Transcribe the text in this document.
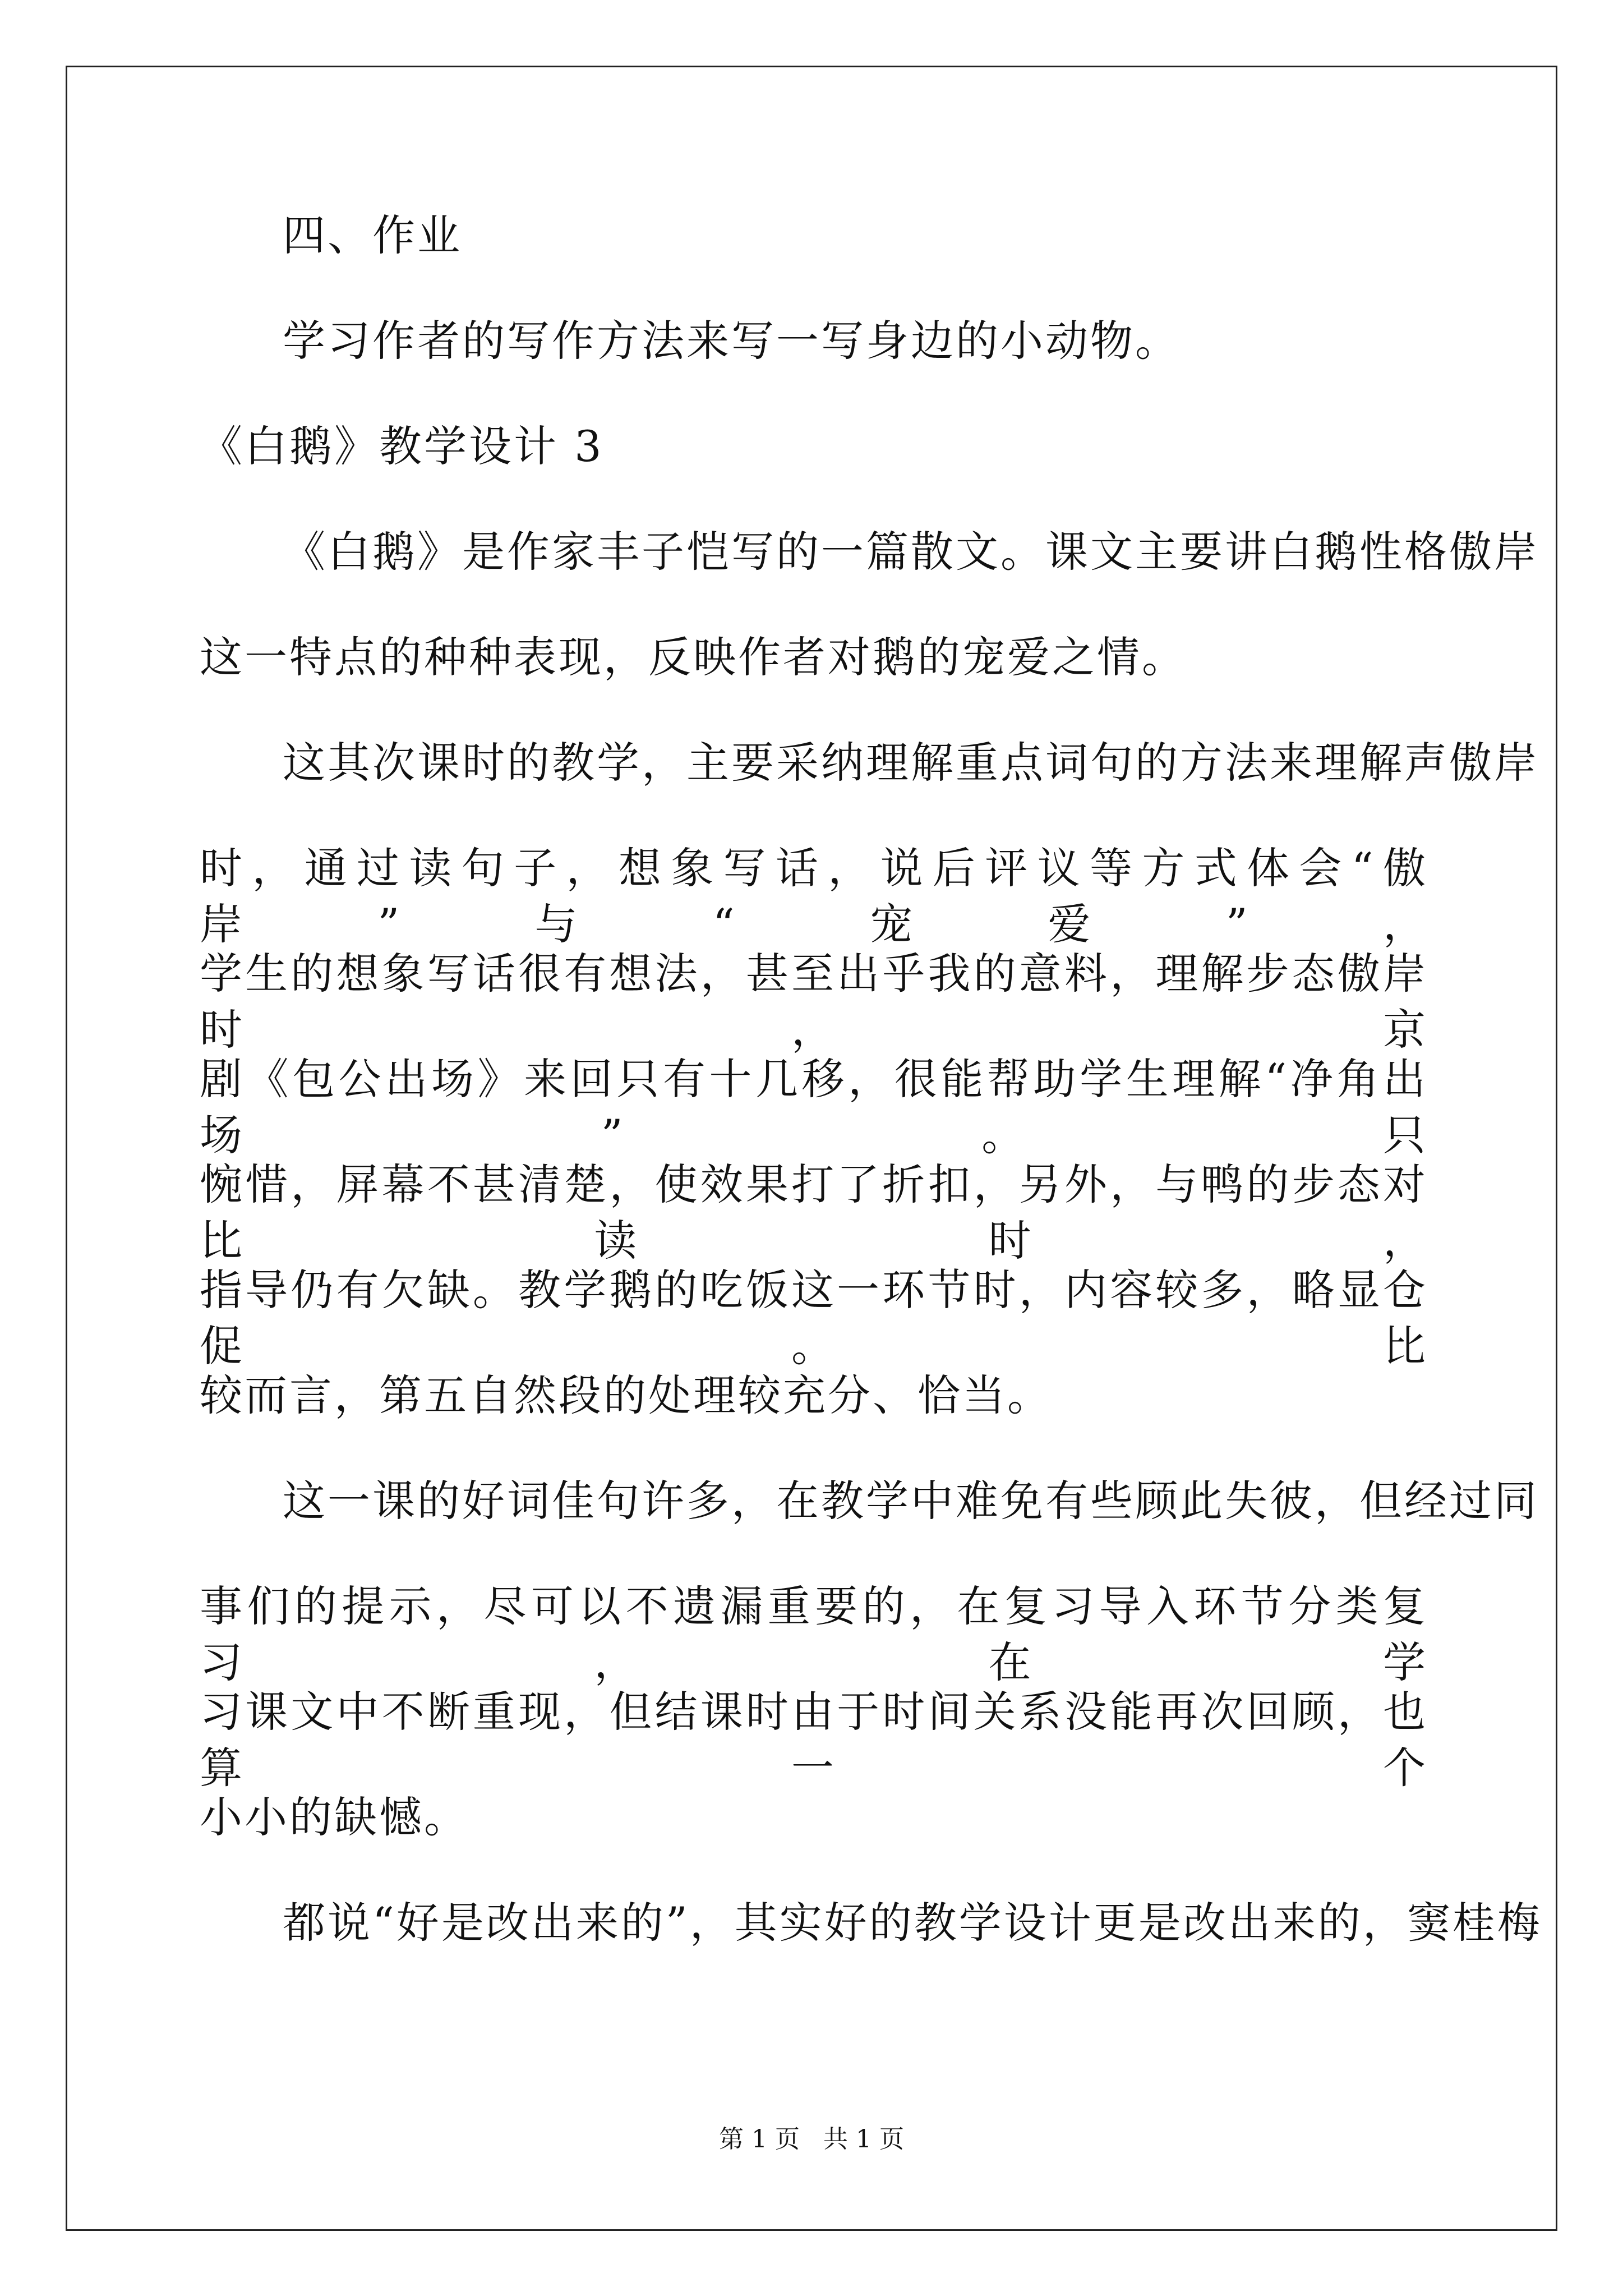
四、作业
学习作者的写作方法来写一写身边的小动物。
《白鹅》教学设计 3
《白鹅》是作家丰子恺写的一篇散文。课文主要讲白鹅性格傲岸
这一特点的种种表现，反映作者对鹅的宠爱之情。
这其次课时的教学，主要采纳理解重点词句的方法来理解声傲岸
时，通过读句子，想象写话，说后评议等方式体会“傲岸”与“宠爱”，
学生的想象写话很有想法，甚至出乎我的意料，理解步态傲岸时，京
剧《包公出场》来回只有十几移，很能帮助学生理解“净角出场”。只
惋惜，屏幕不甚清楚，使效果打了折扣，另外，与鸭的步态对比读时，
指导仍有欠缺。教学鹅的吃饭这一环节时，内容较多，略显仓促。比
较而言，第五自然段的处理较充分、恰当。
这一课的好词佳句许多，在教学中难免有些顾此失彼，但经过同
事们的提示，尽可以不遗漏重要的，在复习导入环节分类复习，在学
习课文中不断重现，但结课时由于时间关系没能再次回顾，也算一个
小小的缺憾。
都说“好是改出来的”，其实好的教学设计更是改出来的，窦桂梅
第 1 页   共 1 页
